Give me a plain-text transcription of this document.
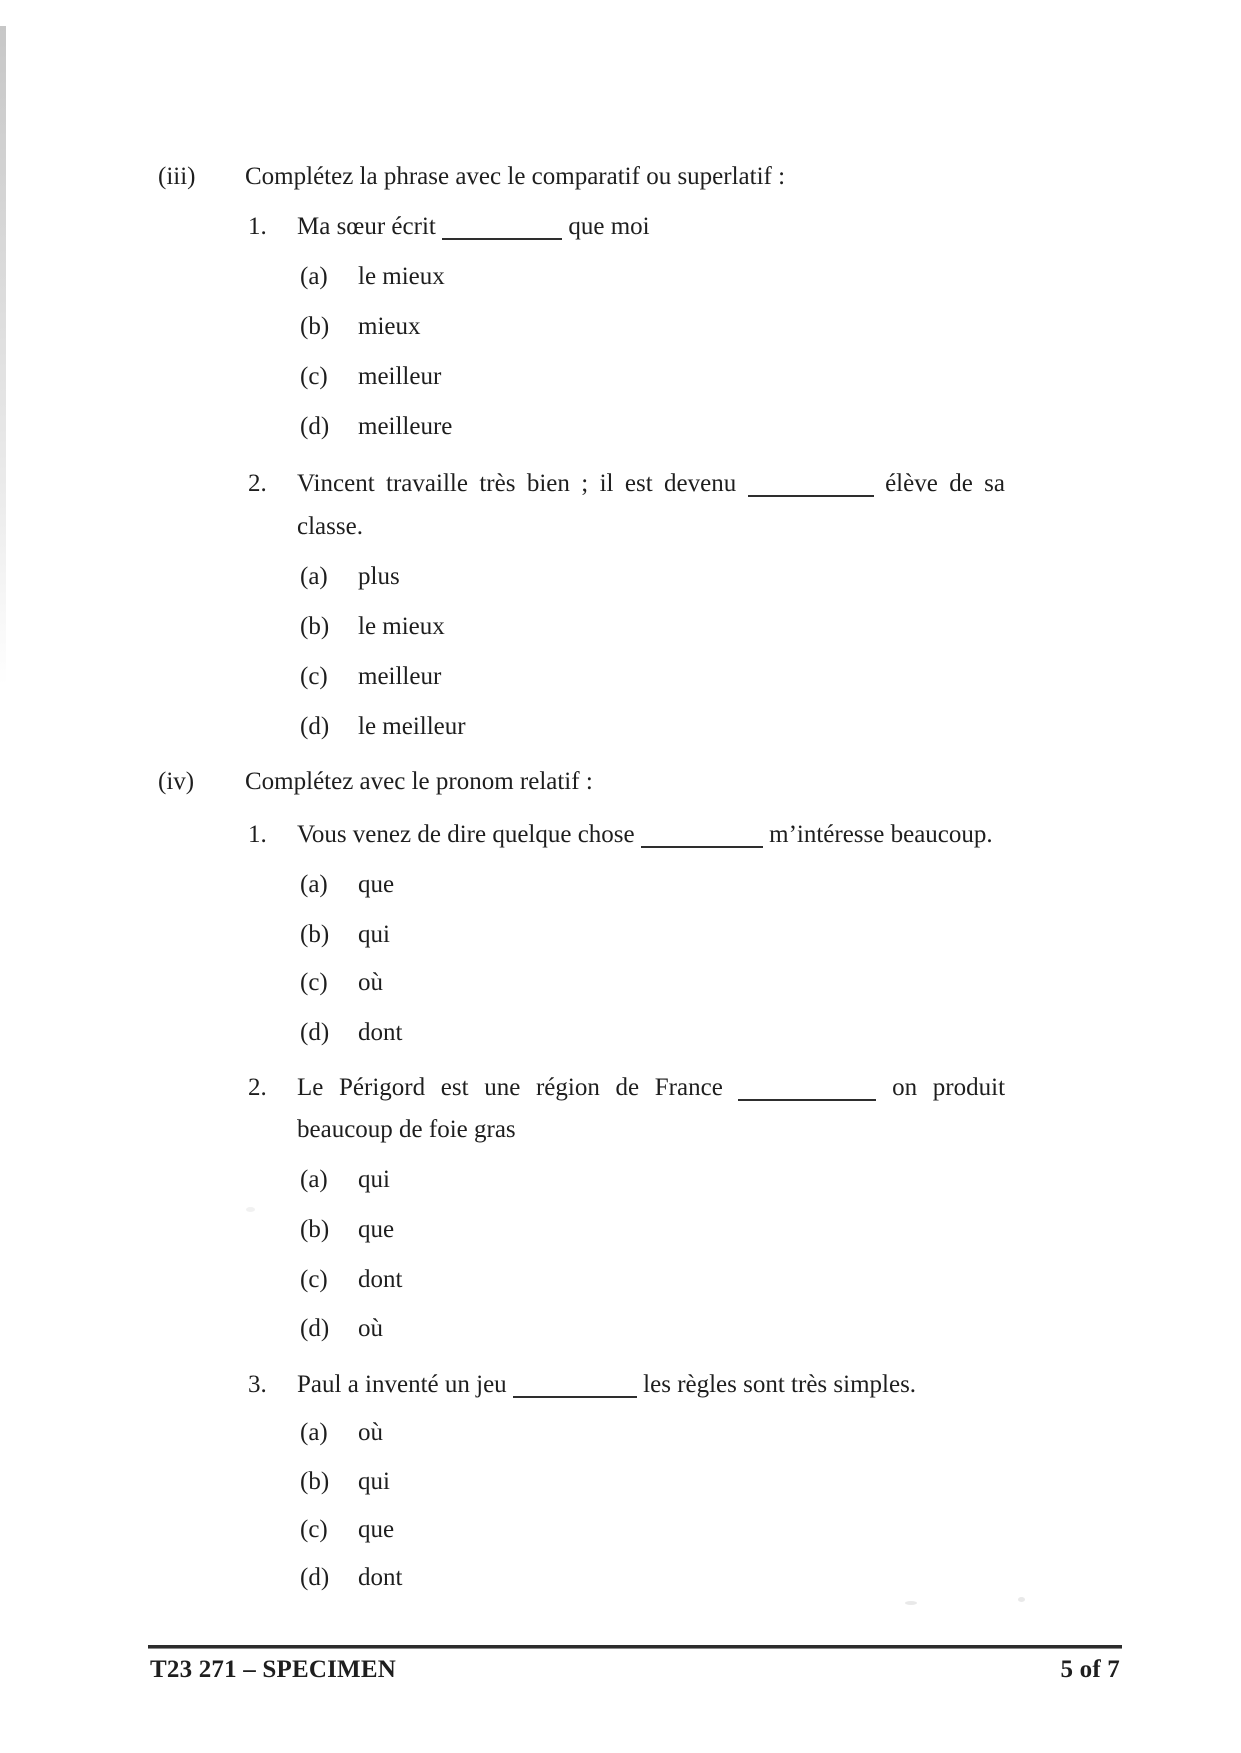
(iii) Complétez la phrase avec le comparatif ou superlatif :
1. Ma sœur écrit	que moi
(a) le mieux
(b) mieux
(c) meilleur
(d) meilleure
2. Vincent travaille très bien ; il est devenu	élève de sa
classe.
(a) plus
(b) le mieux
(c) meilleur
(d) le meilleur
(iv) Complétez avec le pronom relatif :
1. Vous venez de dire quelque chose	m’intéresse beaucoup.
(a) que
(b) qui
(c) où
(d) dont
2. Le Périgord est une région de France	on produit
beaucoup de foie gras
(a) qui
(b) que
(c) dont
(d) où
3. Paul a inventé un jeu	les règles sont très simples.
(a) où
(b) qui
(c) que
(d) dont
T23 271 – SPECIMEN	5 of 7
